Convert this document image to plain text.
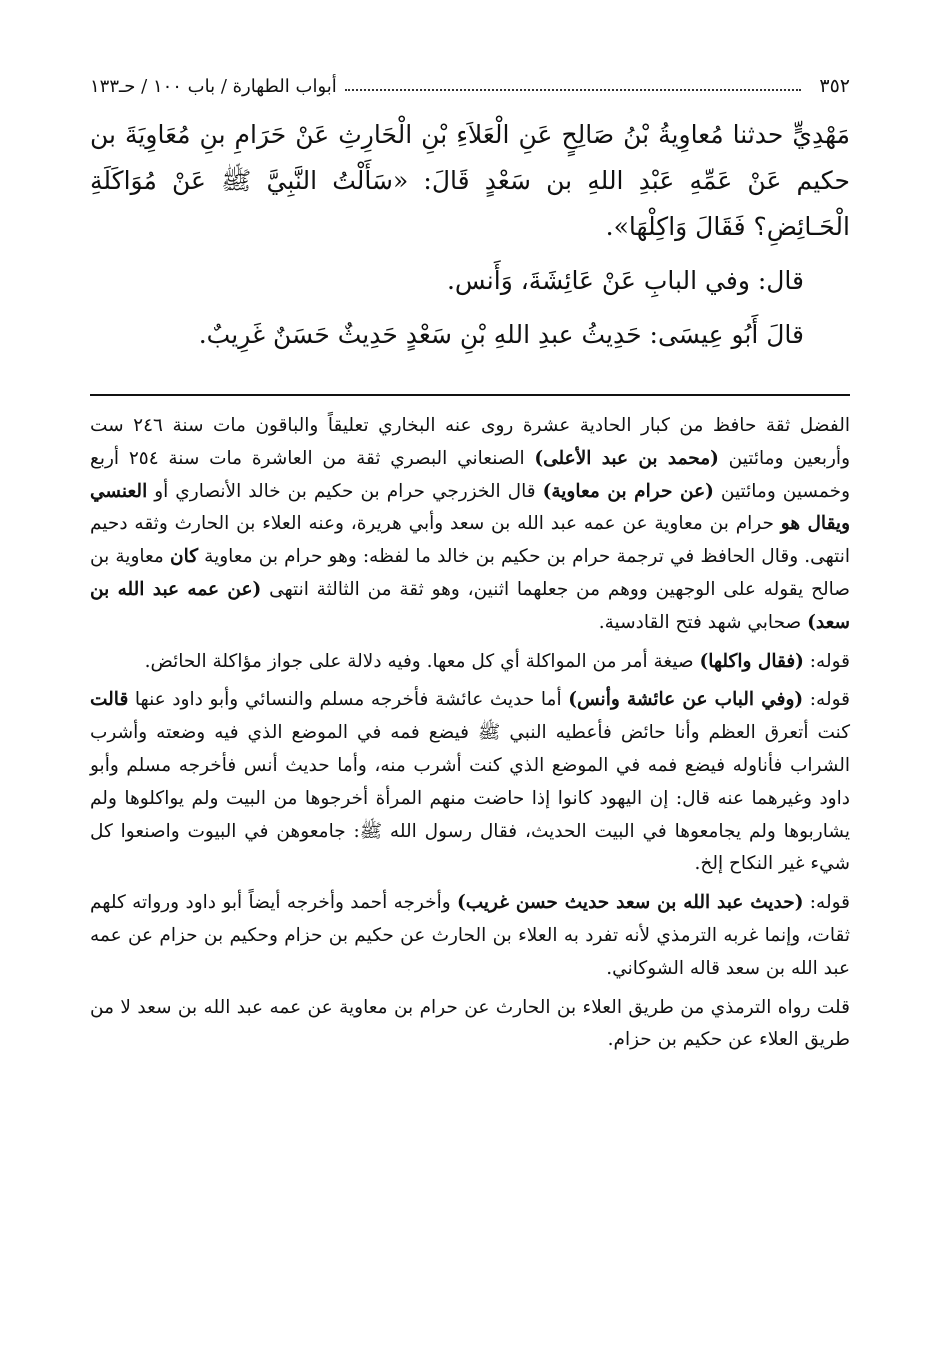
٣٥٢
أبواب الطهارة / باب ١٠٠ / حـ١٣٣

مَهْدِيٍّ حدثنا مُعاوِيةُ بْنُ صَالِحٍ عَنِ الْعَلاَءِ بْنِ الْحَارِثِ عَنْ حَرَامِ بنِ مُعَاوِيَةَ بن حكيم عَنْ عَمِّهِ عَبْدِ اللهِ بن سَعْدٍ قَالَ: «سَأَلْتُ النَّبِيَّ ﷺ عَنْ مُوَاكَلَةِ الْحَـائِضِ؟ فَقَالَ وَاكِلْهَا».

قال: وفي البابِ عَنْ عَائِشَةَ، وَأَنس.

قالَ أَبُو عِيسَى: حَدِيثُ عبدِ اللهِ بْنِ سَعْدٍ حَدِيثٌ حَسَنٌ غَرِيبٌ.

الفضل ثقة حافظ من كبار الحادية عشرة روى عنه البخاري تعليقاً والباقون مات سنة ٢٤٦ ست وأربعين ومائتين (محمد بن عبد الأعلى) الصنعاني البصري ثقة من العاشرة مات سنة ٢٥٤ أربع وخمسين ومائتين (عن حرام بن معاوية) قال الخزرجي حرام بن حكيم بن خالد الأنصاري أو العنسي ويقال هو حرام بن معاوية عن عمه عبد الله بن سعد وأبي هريرة، وعنه العلاء بن الحارث وثقه دحيم انتهى. وقال الحافظ في ترجمة حرام بن حكيم بن خالد ما لفظه: وهو حرام بن معاوية كان معاوية بن صالح يقوله على الوجهين ووهم من جعلهما اثنين، وهو ثقة من الثالثة انتهى (عن عمه عبد الله بن سعد) صحابي شهد فتح القادسية.

قوله: (فقال واكلها) صيغة أمر من المواكلة أي كل معها. وفيه دلالة على جواز مؤاكلة الحائض.

قوله: (وفي الباب عن عائشة وأنس) أما حديث عائشة فأخرجه مسلم والنسائي وأبو داود عنها قالت كنت أتعرق العظم وأنا حائض فأعطيه النبي ﷺ فيضع فمه في الموضع الذي فيه وضعته وأشرب الشراب فأناوله فيضع فمه في الموضع الذي كنت أشرب منه، وأما حديث أنس فأخرجه مسلم وأبو داود وغيرهما عنه قال: إن اليهود كانوا إذا حاضت منهم المرأة أخرجوها من البيت ولم يواكلوها ولم يشاربوها ولم يجامعوها في البيت الحديث، فقال رسول الله ﷺ: جامعوهن في البيوت واصنعوا كل شيء غير النكاح إلخ.

قوله: (حديث عبد الله بن سعد حديث حسن غريب) وأخرجه أحمد وأخرجه أيضاً أبو داود ورواته كلهم ثقات، وإنما غربه الترمذي لأنه تفرد به العلاء بن الحارث عن حكيم بن حزام وحكيم بن حزام عن عمه عبد الله بن سعد قاله الشوكاني.

قلت رواه الترمذي من طريق العلاء بن الحارث عن حرام بن معاوية عن عمه عبد الله بن سعد لا من طريق العلاء عن حكيم بن حزام.
